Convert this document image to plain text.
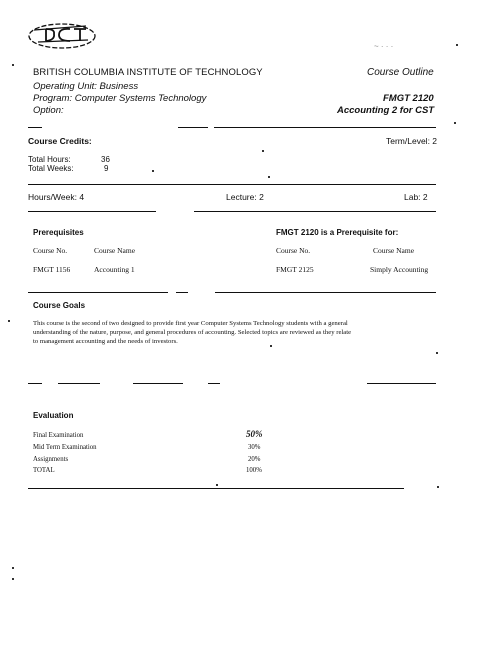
~ · · ·
BRITISH COLUMBIA INSTITUTE OF TECHNOLOGY	Course Outline
Operating Unit: Business
Program: Computer Systems Technology
Option:
FMGT 2120
Accounting 2 for CST
Course Credits:	Term/Level: 2
Total Hours:	36
Total Weeks:	9
Hours/Week: 4	Lecture: 2	Lab: 2
Prerequisites
Course No.	Course Name
FMGT 1156	Accounting 1
FMGT 2120 is a Prerequisite for:
Course No.	Course Name
FMGT 2125	Simply Accounting
Course Goals
This course is the second of two designed to provide first year Computer Systems Technology students with a general
understanding of the nature, purpose, and general procedures of accounting. Selected topics are reviewed as they relate
to management accounting and the needs of investors.
Evaluation
Final Examination	50%
Mid Term Examination	30%
Assignments	20%
TOTAL	100%
